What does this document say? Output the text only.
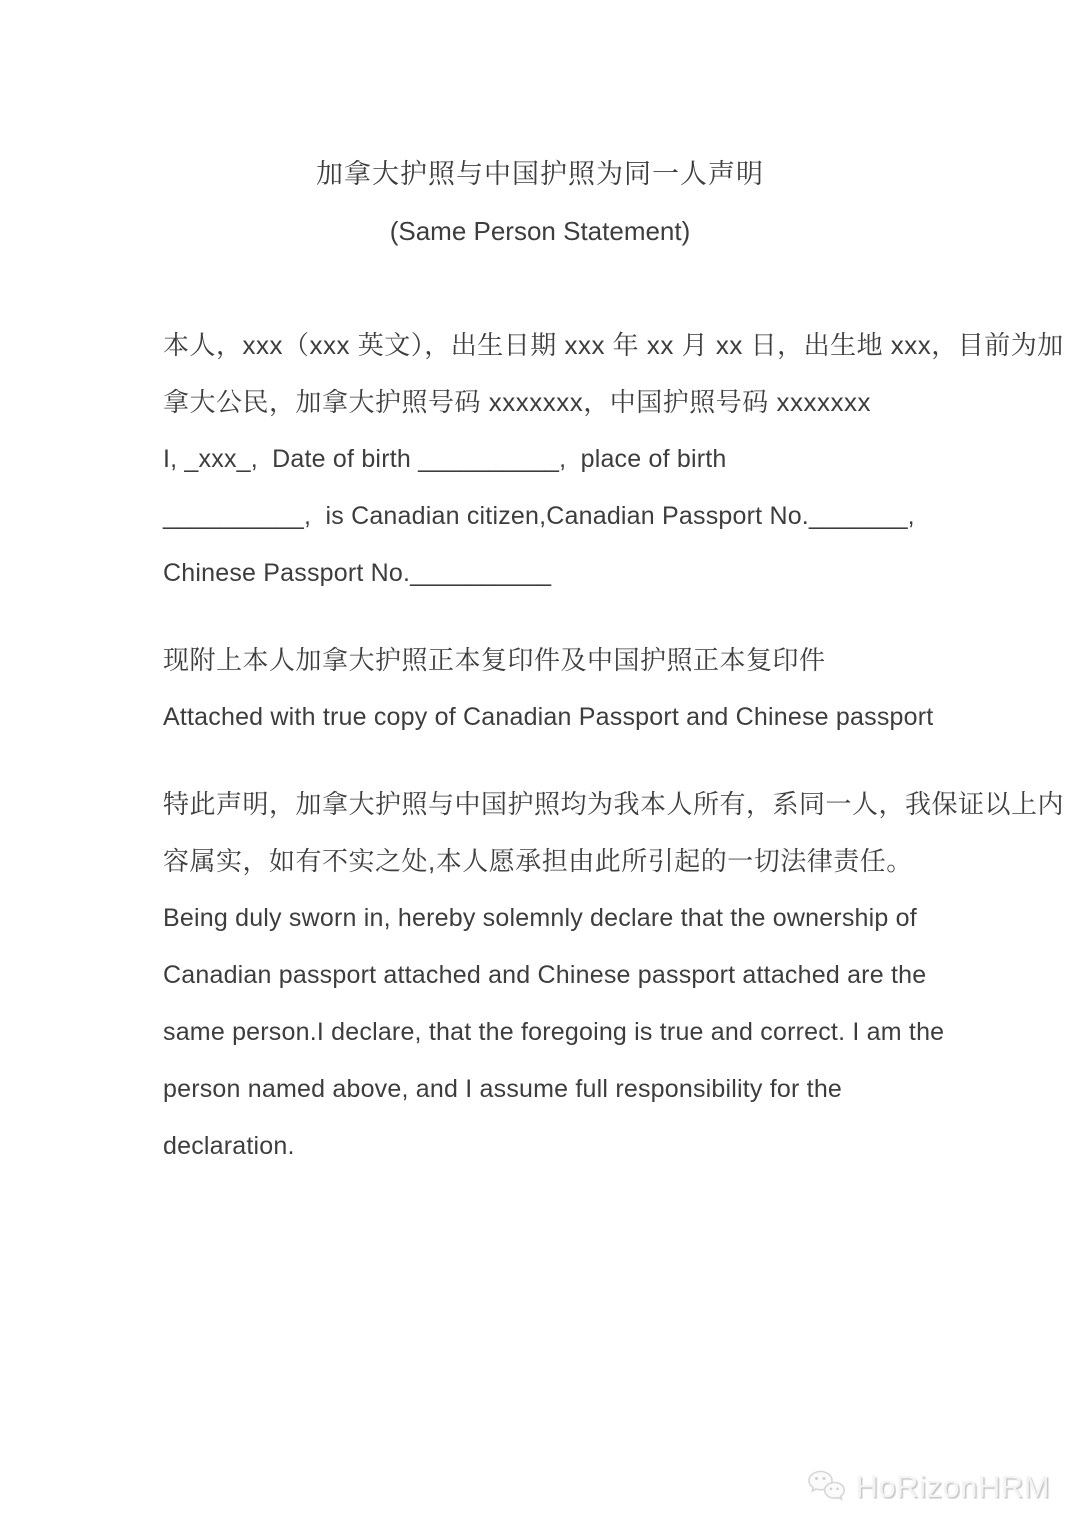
加拿大护照与中国护照为同一人声明
(Same Person Statement)
本人，xxx（xxx 英文），出生日期 xxx 年 xx 月 xx 日，出生地 xxx，目前为加
拿大公民，加拿大护照号码 xxxxxxx，中国护照号码 xxxxxxx
I, _xxx_,  Date of birth __________,  place of birth
__________,  is Canadian citizen,Canadian Passport No._______,
Chinese Passport No.__________
现附上本人加拿大护照正本复印件及中国护照正本复印件
Attached with true copy of Canadian Passport and Chinese passport
特此声明，加拿大护照与中国护照均为我本人所有，系同一人，我保证以上内
容属实，如有不实之处,本人愿承担由此所引起的一切法律责任。
Being duly sworn in, hereby solemnly declare that the ownership of
Canadian passport attached and Chinese passport attached are the
same person.I declare, that the foregoing is true and correct. I am the
person named above, and I assume full responsibility for the
declaration.
HoRizonHRM
